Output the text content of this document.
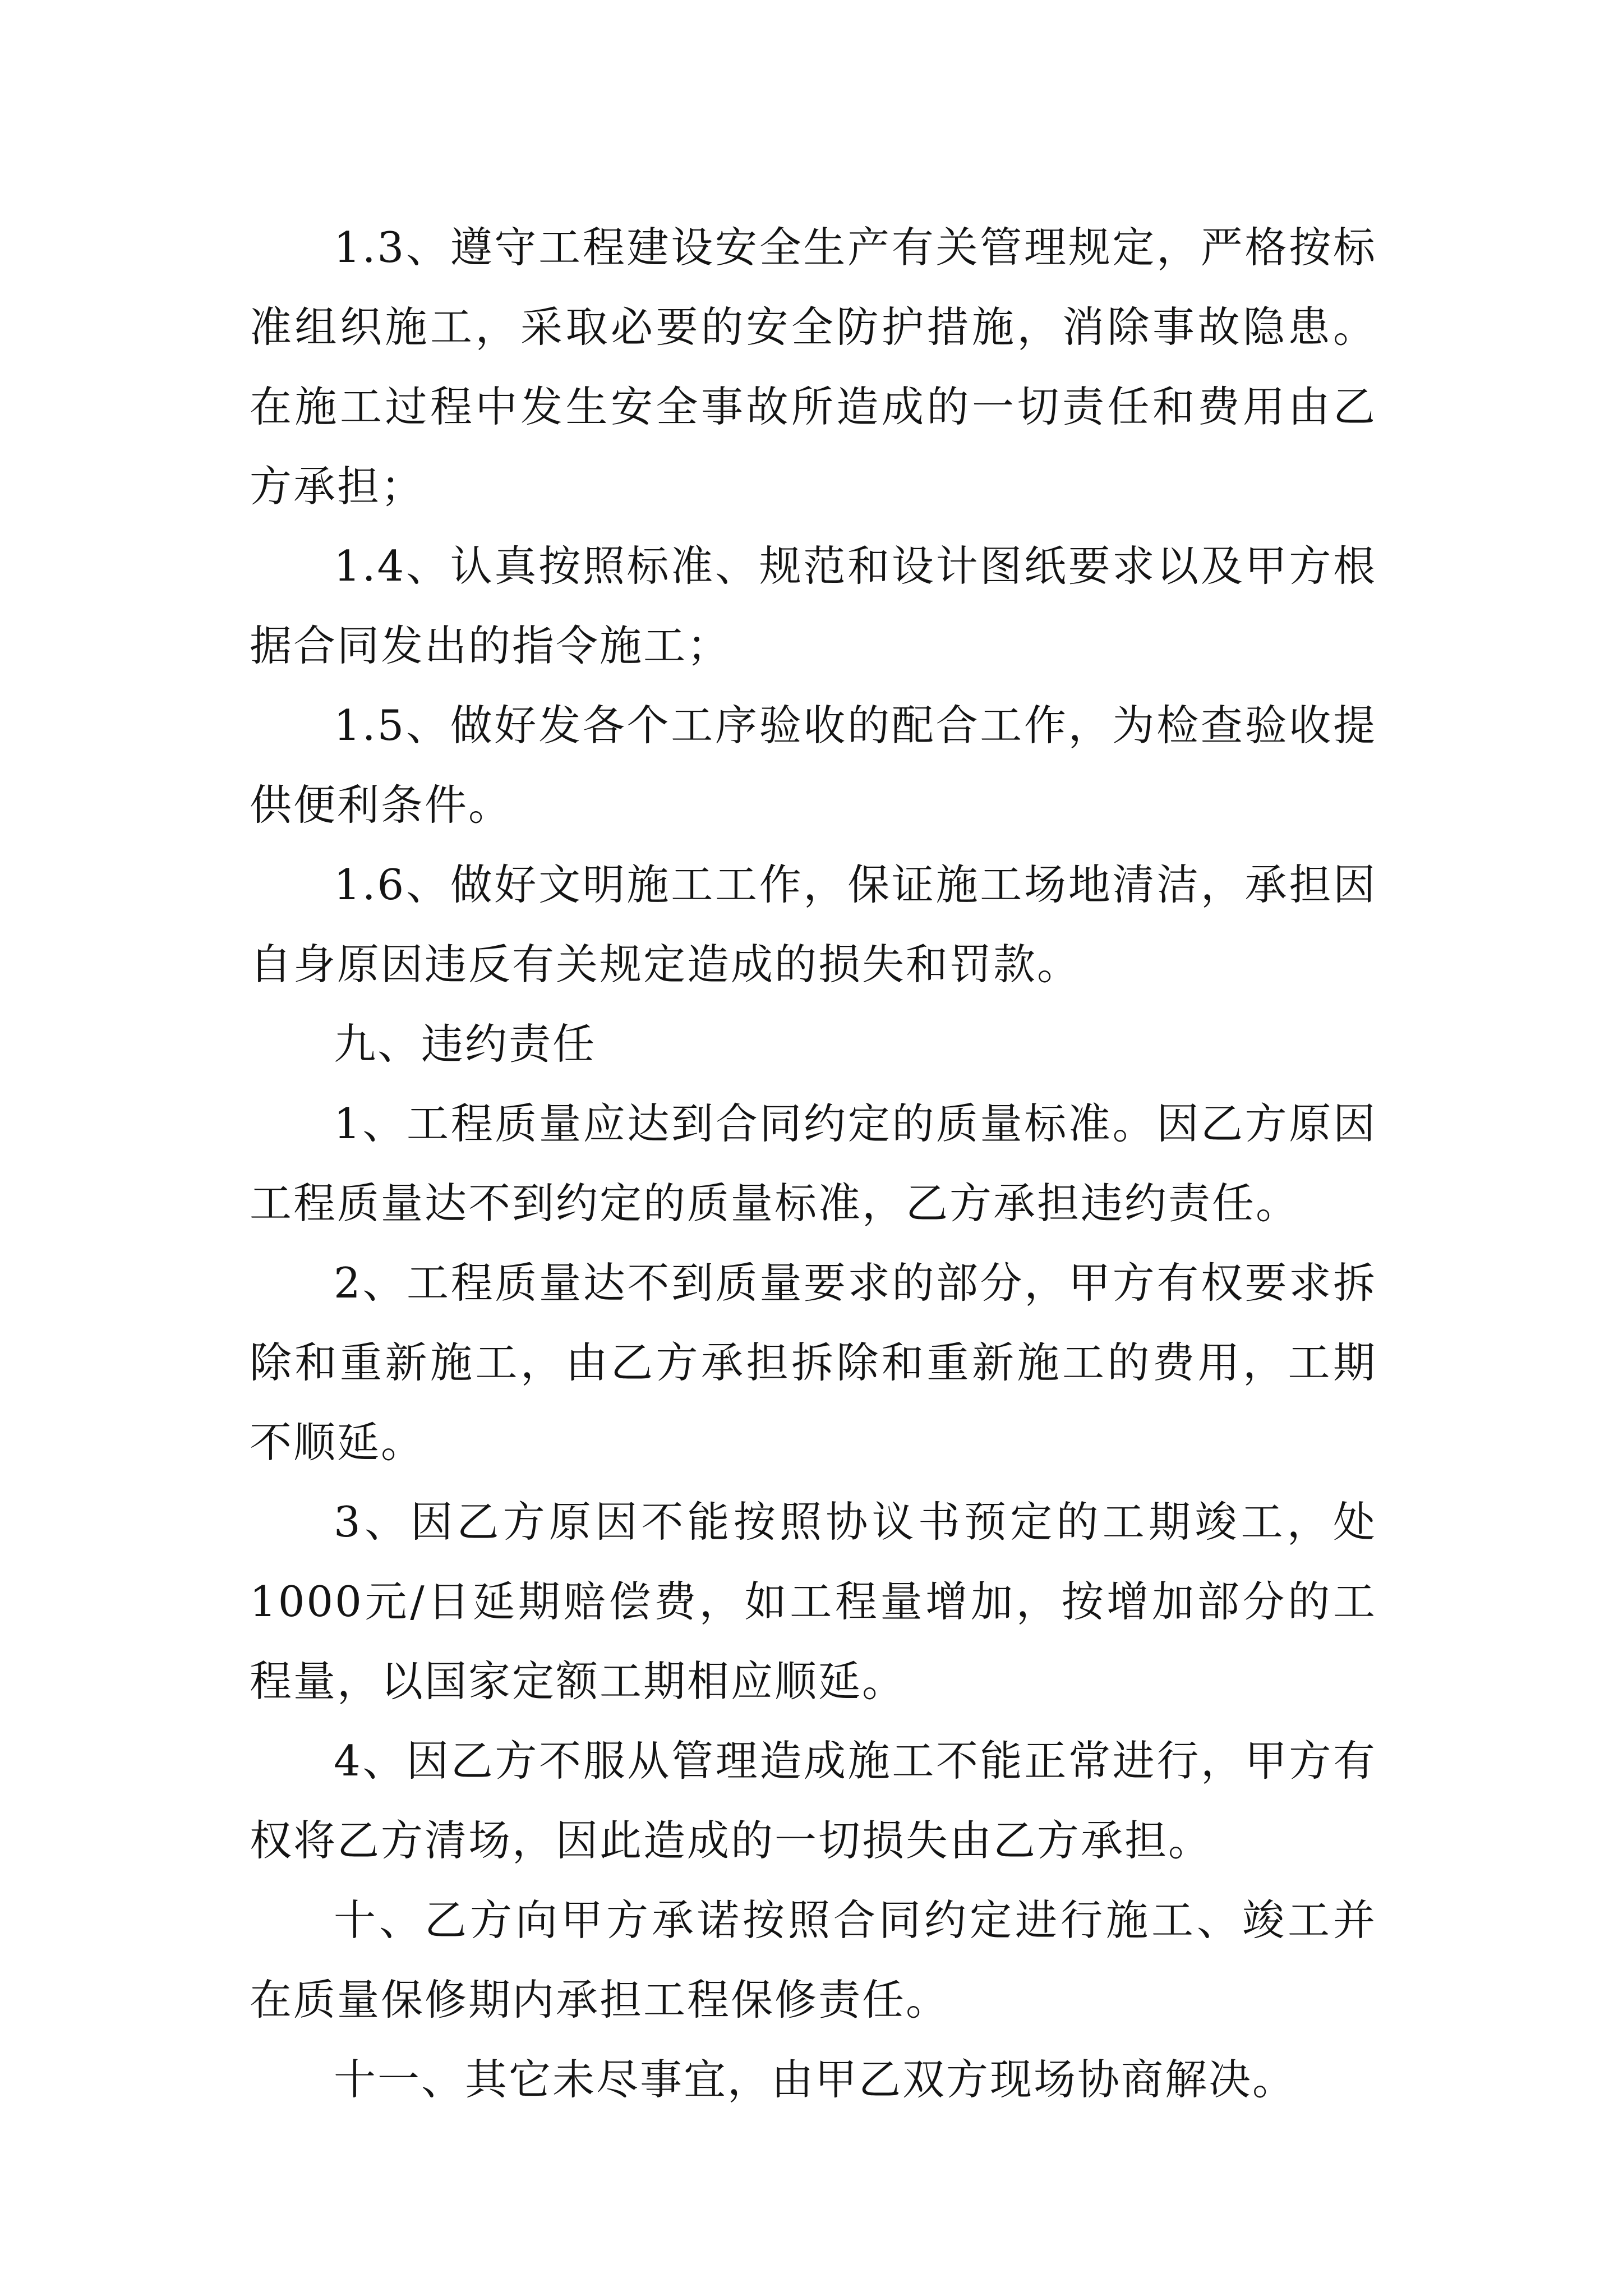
1.3、遵守工程建设安全生产有关管理规定，严格按标准组织施工，采取必要的安全防护措施，消除事故隐患。在施工过程中发生安全事故所造成的一切责任和费用由乙方承担；

1.4、认真按照标准、规范和设计图纸要求以及甲方根据合同发出的指令施工；

1.5、做好发各个工序验收的配合工作，为检查验收提供便利条件。

1.6、做好文明施工工作，保证施工场地清洁，承担因自身原因违反有关规定造成的损失和罚款。

九、违约责任

1、工程质量应达到合同约定的质量标准。因乙方原因工程质量达不到约定的质量标准，乙方承担违约责任。

2、工程质量达不到质量要求的部分，甲方有权要求拆除和重新施工，由乙方承担拆除和重新施工的费用，工期不顺延。

3、因乙方原因不能按照协议书预定的工期竣工，处1000元/日延期赔偿费，如工程量增加，按增加部分的工程量，以国家定额工期相应顺延。

4、因乙方不服从管理造成施工不能正常进行，甲方有权将乙方清场，因此造成的一切损失由乙方承担。

十、乙方向甲方承诺按照合同约定进行施工、竣工并在质量保修期内承担工程保修责任。

十一、其它未尽事宜，由甲乙双方现场协商解决。
